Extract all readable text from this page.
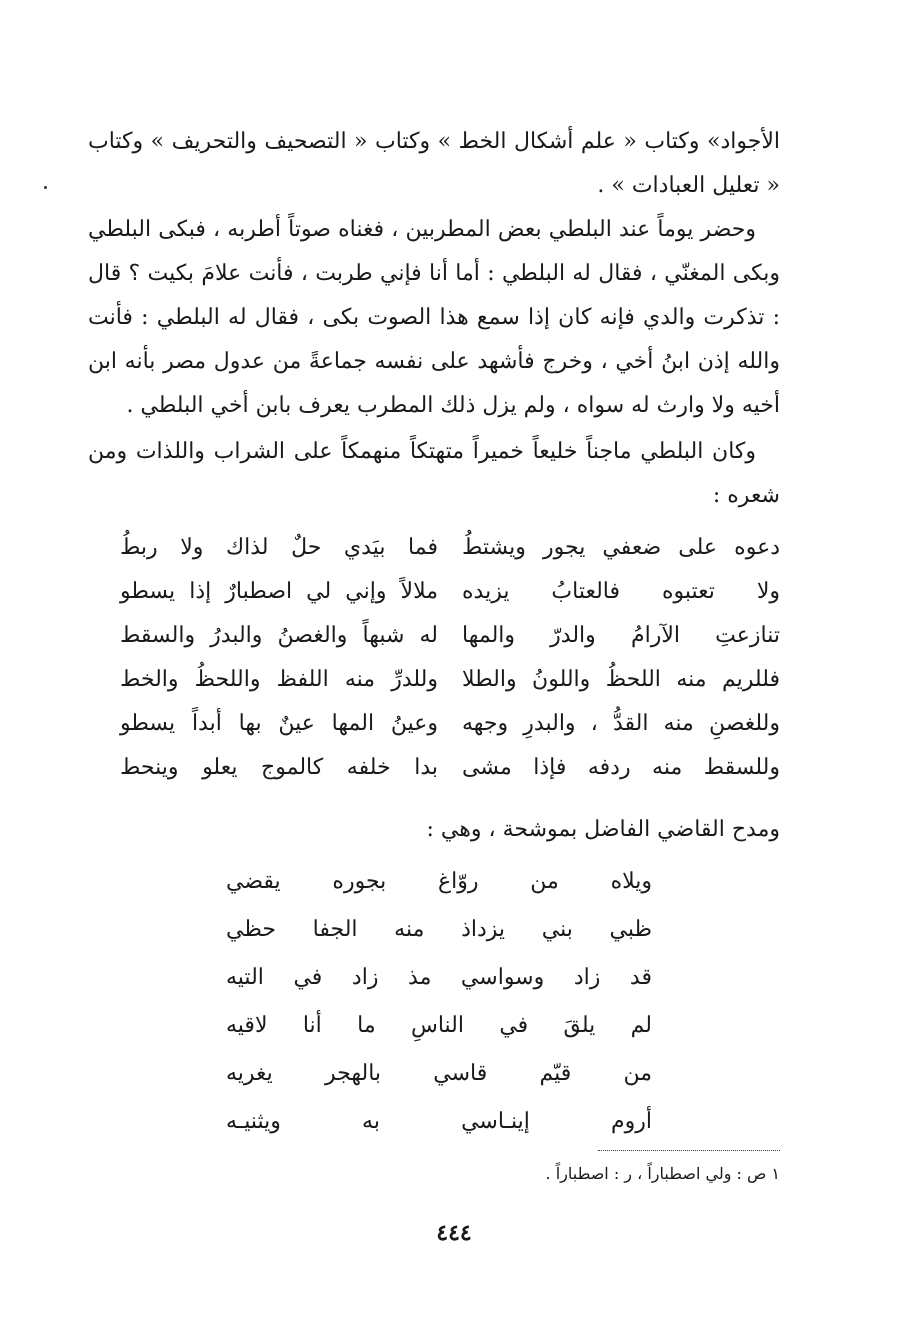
الأجواد» وكتاب « علم أشكال الخط » وكتاب « التصحيف والتحريف » وكتاب « تعليل العبادات » .

وحضر يوماً عند البلطي بعض المطربين ، فغناه صوتاً أطربه ، فبكى البلطي وبكى المغنّي ، فقال له البلطي : أما أنا فإني طربت ، فأنت علامَ بكيت ؟ قال : تذكرت والدي فإنه كان إذا سمع هذا الصوت بكى ، فقال له البلطي : فأنت والله إذن ابنُ أخي ، وخرج فأشهد على نفسه جماعةً من عدول مصر بأنه ابن أخيه ولا وارث له سواه ، ولم يزل ذلك المطرب يعرف بابن أخي البلطي .

وكان البلطي ماجناً خليعاً خميراً متهتكاً منهمكاً على الشراب واللذات ومن شعره :

دعوه على ضعفي يجور ويشتطُ
فما بيَدي حلٌ لذاك ولا ربطُ
ولا تعتبوه فالعتابُ يزيده
ملالاً وإني لي اصطبارٌ إذا يسطو
تنازعتِ الآرامُ والدرّ والمها
له شبهاً والغصنُ والبدرُ والسقط
فللريم منه اللحظُ واللونُ والطلا
وللدرِّ منه اللفظ واللحظُ والخط
وللغصنِ منه القدُّ ، والبدرِ وجهه
وعينُ المها عينٌ بها أبداً يسطو
وللسقط منه ردفه فإذا مشى
بدا خلفه كالموج يعلو وينحط
ومدح القاضي الفاضل بموشحة ، وهي :
ويلاه من روّاغ بجوره يقضي
ظبي بني يزداذ منه الجفا حظي
قد زاد وسواسي مذ زاد في التيه
لم يلقَ في الناسِ ما أنا لاقيه
من قيّم قاسي بالهجر يغريه
أروم إينـاسي به ويثنيـه
١ ص : ولي اصطباراً ، ر : اصطباراً .
٤٤٤
